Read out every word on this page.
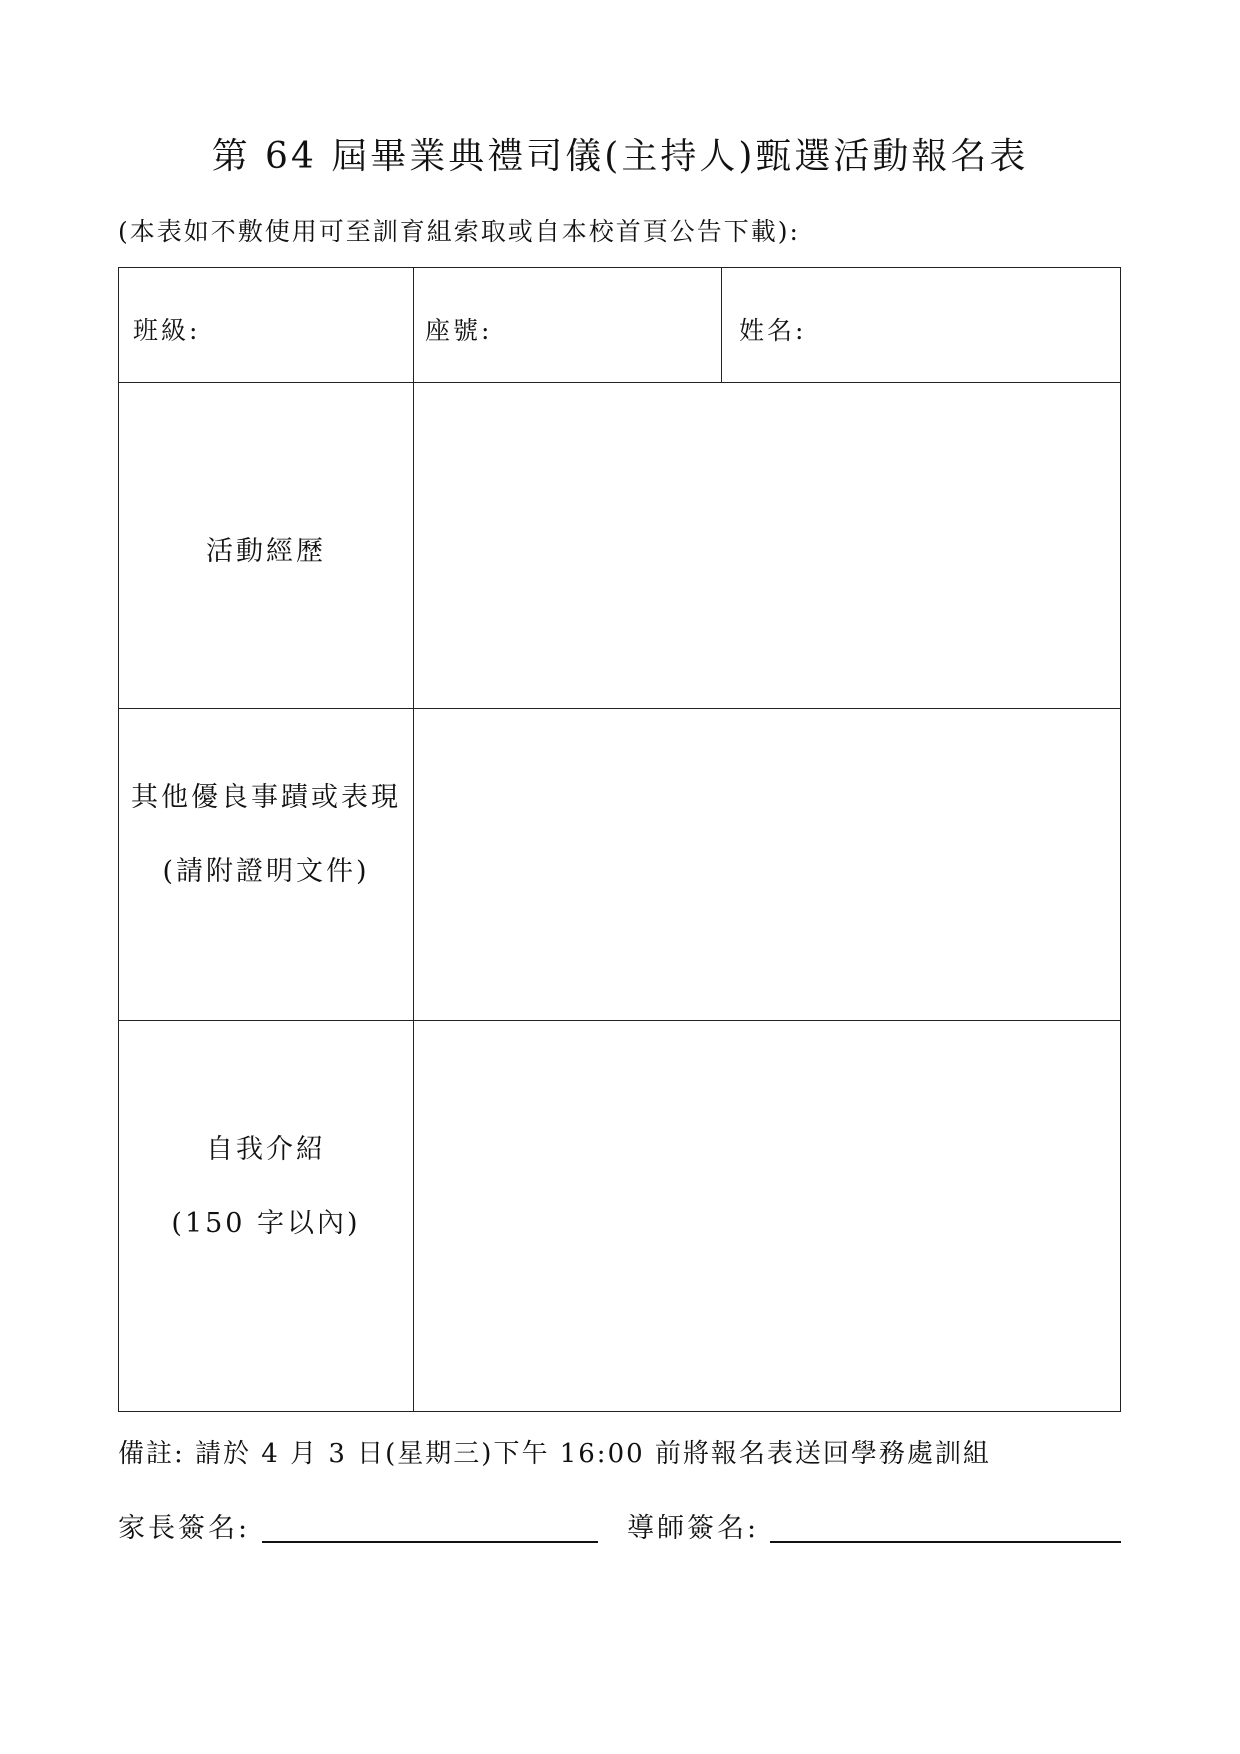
第 64 屆畢業典禮司儀(主持人)甄選活動報名表
(本表如不敷使用可至訓育組索取或自本校首頁公告下載):
班級:	座號:	姓名:
活動經歷
其他優良事蹟或表現
(請附證明文件)
自我介紹
(150 字以內)
備註: 請於 4 月 3 日(星期三)下午 16:00 前將報名表送回學務處訓組
家長簽名:	導師簽名:
